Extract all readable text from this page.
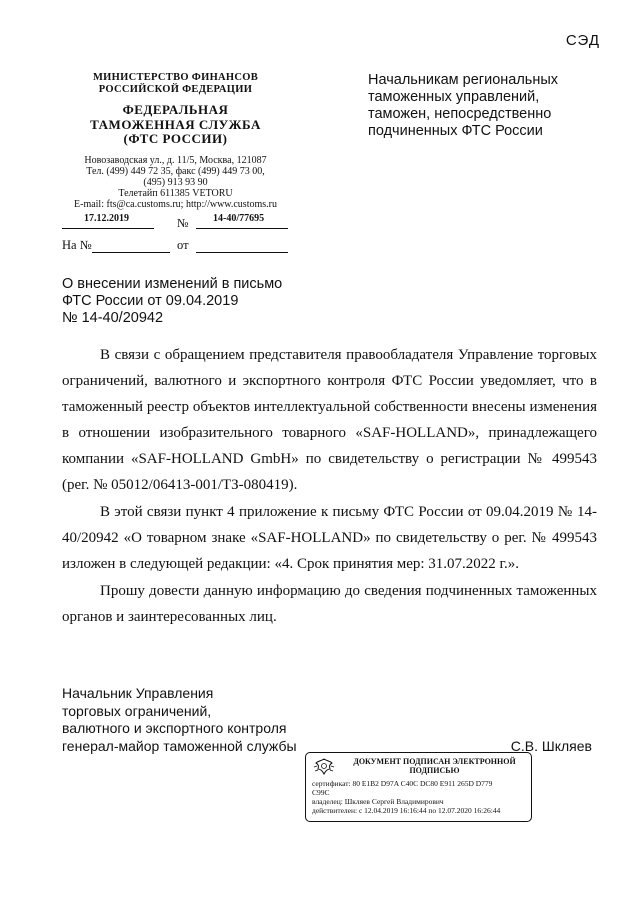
СЭД
МИНИСТЕРСТВО ФИНАНСОВ
РОССИЙСКОЙ ФЕДЕРАЦИИ
ФЕДЕРАЛЬНАЯ
ТАМОЖЕННАЯ СЛУЖБА
(ФТС РОССИИ)
Новозаводская ул., д. 11/5, Москва, 121087
Тел. (499) 449 72 35, факс (499) 449 73 00,
(495) 913 93 90
Телетайп 611385 VETORU
E-mail: fts@ca.customs.ru; http://www.customs.ru
17.12.2019	№ 14-40/77695
На №	от
Начальникам региональных
таможенных управлений,
таможен, непосредственно
подчиненных ФТС России
О внесении изменений в письмо
ФТС России от 09.04.2019
№ 14-40/20942

В связи с обращением представителя правообладателя Управление торговых ограничений, валютного и экспортного контроля ФТС России уведомляет, что в таможенный реестр объектов интеллектуальной собственности внесены изменения в отношении изобразительного товарного «SAF-HOLLAND», принадлежащего компании «SAF-HOLLAND GmbH» по свидетельству о регистрации № 499543 (рег. № 05012/06413-001/ТЗ-080419).

В этой связи пункт 4 приложение к письму ФТС России от 09.04.2019 № 14-40/20942 «О товарном знаке «SAF-HOLLAND» по свидетельству о рег. № 499543 изложен в следующей редакции: «4. Срок принятия мер: 31.07.2022 г.».

Прошу довести данную информацию до сведения подчиненных таможенных органов и заинтересованных лиц.

Начальник Управления
торговых ограничений,
валютного и экспортного контроля
генерал-майор таможенной службы	С.В. Шкляев
ДОКУМЕНТ ПОДПИСАН ЭЛЕКТРОННОЙ
ПОДПИСЬЮ
сертификат: 80 E1B2 D97A C40C DC80 E911 265D D779
C99C
владелец: Шкляев Сергей Владимирович
действителен: с 12.04.2019 16:16:44 по 12.07.2020 16:26:44
